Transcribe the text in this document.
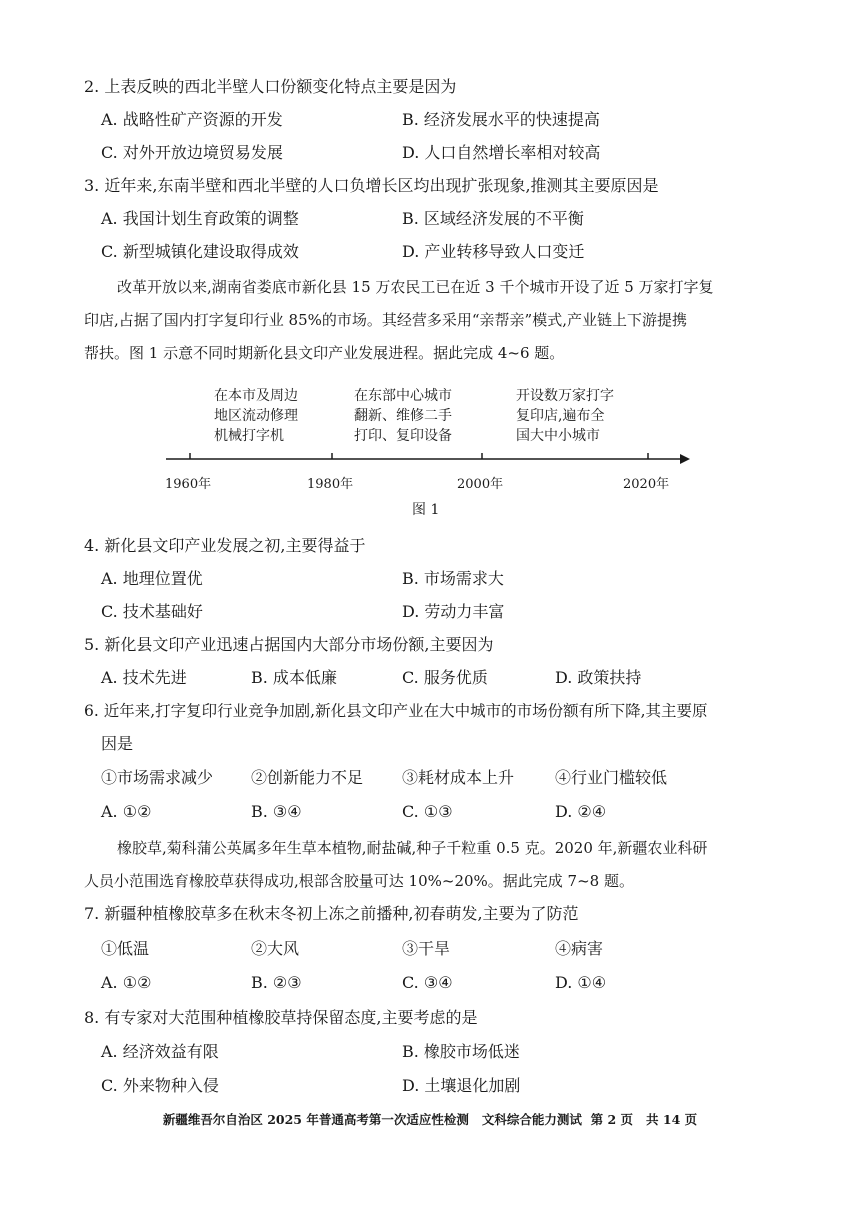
2. 上表反映的西北半壁人口份额变化特点主要是因为
A. 战略性矿产资源的开发	B. 经济发展水平的快速提高
C. 对外开放边境贸易发展	D. 人口自然增长率相对较高
3. 近年来,东南半壁和西北半壁的人口负增长区均出现扩张现象,推测其主要原因是
A. 我国计划生育政策的调整	B. 区域经济发展的不平衡
C. 新型城镇化建设取得成效	D. 产业转移导致人口变迁
改革开放以来,湖南省娄底市新化县 15 万农民工已在近 3 千个城市开设了近 5 万家打字复
印店,占据了国内打字复印行业 85%的市场。其经营多采用“亲帮亲”模式,产业链上下游提携
帮扶。图 1 示意不同时期新化县文印产业发展进程。据此完成 4~6 题。
在本市及周边
地区流动修理
机械打字机
在东部中心城市
翻新、维修二手
打印、复印设备
开设数万家打字
复印店,遍布全
国大中小城市
1960年	1980年	2000年	2020年
图 1
4. 新化县文印产业发展之初,主要得益于
A. 地理位置优	B. 市场需求大
C. 技术基础好	D. 劳动力丰富
5. 新化县文印产业迅速占据国内大部分市场份额,主要因为
A. 技术先进	B. 成本低廉	C. 服务优质	D. 政策扶持
6. 近年来,打字复印行业竞争加剧,新化县文印产业在大中城市的市场份额有所下降,其主要原
因是
①市场需求减少 ②创新能力不足 ③耗材成本上升	④行业门槛较低
A. ①②	B. ③④	C. ①③	D. ②④
橡胶草,菊科蒲公英属多年生草本植物,耐盐碱,种子千粒重 0.5 克。2020 年,新疆农业科研
人员小范围选育橡胶草获得成功,根部含胶量可达 10%~20%。据此完成 7~8 题。
7. 新疆种植橡胶草多在秋末冬初上冻之前播种,初春萌发,主要为了防范
①低温	②大风	③干旱	④病害
A. ①②	B. ②③	C. ③④	D. ①④
8. 有专家对大范围种植橡胶草持保留态度,主要考虑的是
A. 经济效益有限	B. 橡胶市场低迷
C. 外来物种入侵	D. 土壤退化加剧
新疆维吾尔自治区 2025 年普通高考第一次适应性检测   文科综合能力测试  第 2 页   共 14 页
